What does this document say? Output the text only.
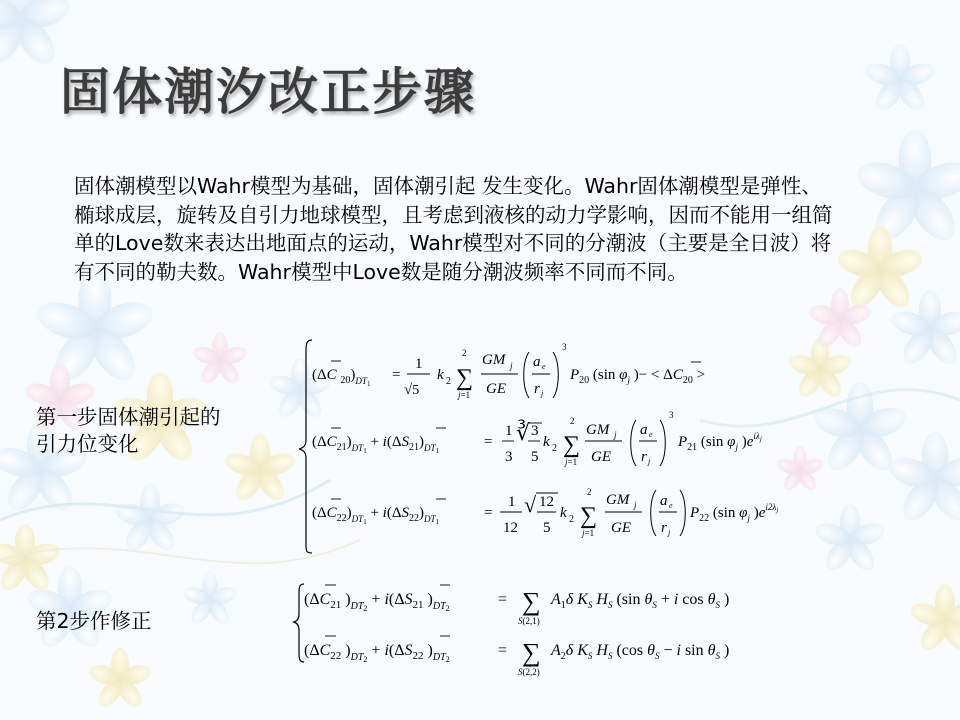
固体潮汐改正步骤

固体潮模型以Wahr模型为基础，固体潮引起 发生变化。Wahr固体潮模型是弹性、椭球成层，旋转及自引力地球模型，且考虑到液核的动力学影响，因而不能用一组简单的Love数来表达出地面点的运动，Wahr模型对不同的分潮波（主要是全日波）将有不同的勒夫数。Wahr模型中Love数是随分潮波频率不同而不同。

第一步固体潮引起的引力位变化
第2步作修正
(ΔC $_{20})_{DT}1$
=
1
√5
k 2
2
∑
j=1
GM j
GE
a e
r j
3
$P_{20}$ (sin $\varphi_j$ )− < $\Delta C_{20}$ >
$(\Delta C_{21})_{DT}1 + i(\Delta S_{21})_{DT}1$
=
1
3
∛ 3
5
k 2
2
∑
j=1
GM j
GE
a e
r j
3
$P_{21}$ (sin $\varphi_j$ )$e^{i\lambda}j$
$(\Delta C_{22})_{DT}1 + i(\Delta S_{22})_{DT}1$
=
1
12
√ 12
5
k 2
2
∑
j=1
GM j
GE
a e
r j
$P_{22}$ (sin $\varphi_j$ )$e^{i2\lambda}j$
($\Delta C_{21}$ )$_{DT}2 + i(\Delta S_{21}$ )$_{DT}2$
= ∑
S(2,1)
$A_1\delta$ $K_S$ $H_S$ (sin $\theta_S + i$ $\cos \theta_S$ )
($\Delta C_{22}$ )$_{DT}2 + i(\Delta S_{22}$ )$_{DT}2$
= ∑
S(2,2)
$A_2\delta$ $K_S$ $H_S$ (cos $\theta_S - i$ $\sin \theta_S$ )
